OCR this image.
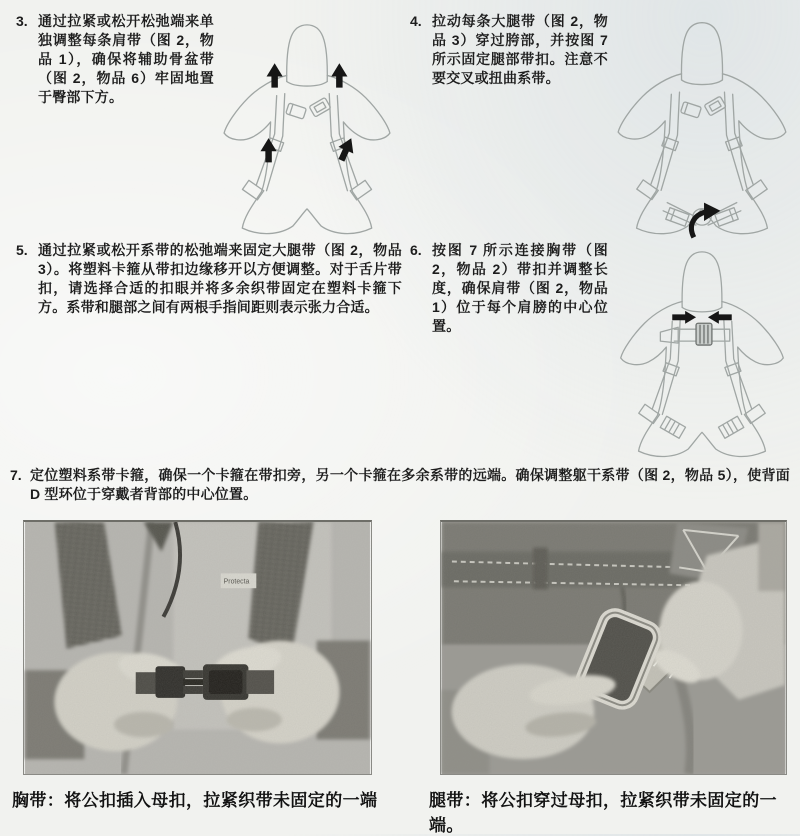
3. 通过拉紧或松开松弛端来单独调整每条肩带（图 2，物品 1），确保将辅助骨盆带（图 2，物品 6）牢固地置于臀部下方。

4. 拉动每条大腿带（图 2，物品 3）穿过胯部，并按图 7 所示固定腿部带扣。注意不要交叉或扭曲系带。

5. 通过拉紧或松开系带的松弛端来固定大腿带（图 2，物品 3）。将塑料卡箍从带扣边缘移开以方便调整。对于舌片带扣，请选择合适的扣眼并将多余织带固定在塑料卡箍下方。系带和腿部之间有两根手指间距则表示张力合适。

6. 按图 7 所示连接胸带（图 2，物品 2）带扣并调整长度，确保肩带（图 2，物品 1）位于每个肩膀的中心位置。

7. 定位塑料系带卡箍，确保一个卡箍在带扣旁，另一个卡箍在多余系带的远端。确保调整躯干系带（图 2，物品 5），使背面 D 型环位于穿戴者背部的中心位置。

Protecta
胸带：将公扣插入母扣，拉紧织带未固定的一端	腿带：将公扣穿过母扣，拉紧织带未固定的一端。
